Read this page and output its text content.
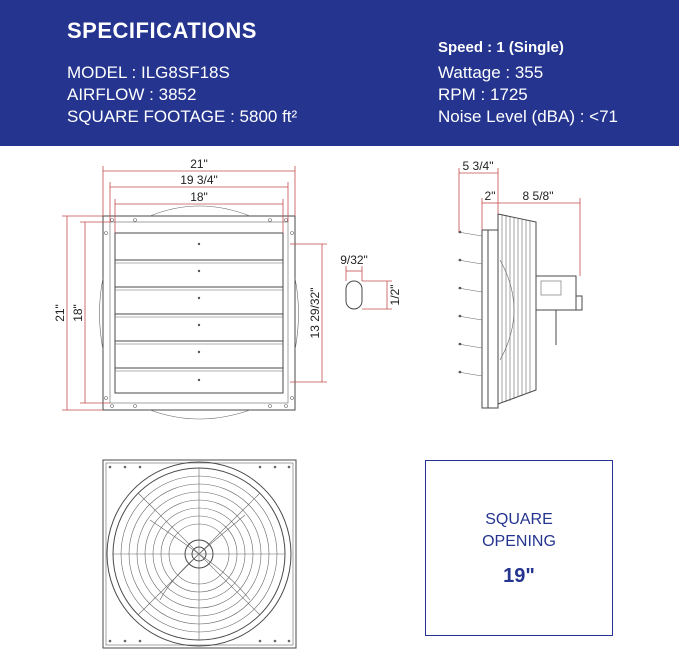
SPECIFICATIONS
MODEL : ILG8SF18S
AIRFLOW : 3852
SQUARE FOOTAGE : 5800 ft²
Speed : 1 (Single)
Wattage : 355
RPM : 1725
Noise Level (dBA) : <71
21"
19 3/4"
18"
21" 18"	13 29/32"
9/32"
1/2"
5 3/4"
2" 8 5/8"
SQUARE
OPENING
19"
